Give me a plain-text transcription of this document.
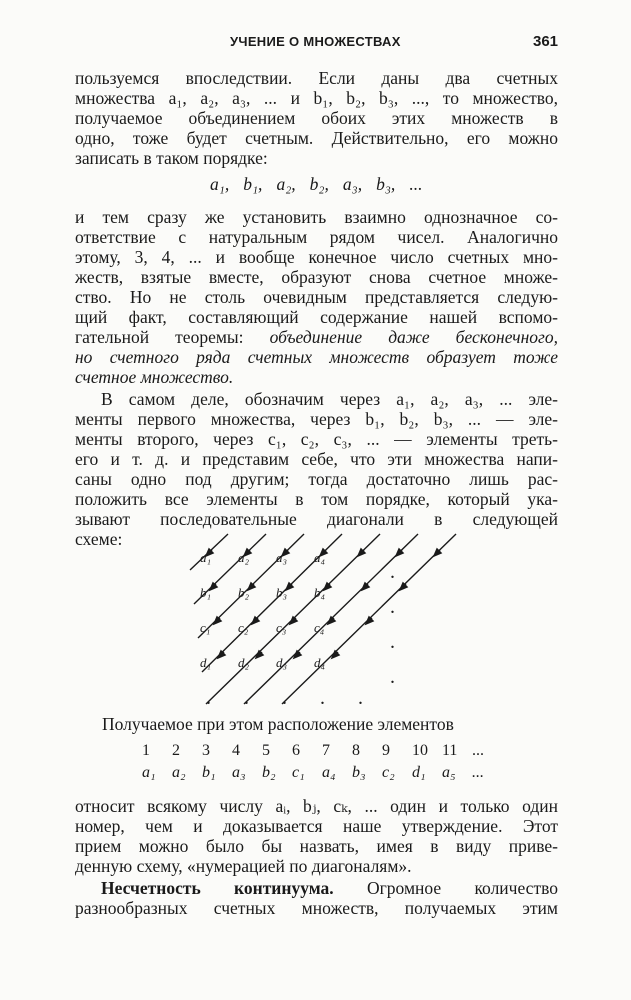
УЧЕНИЕ О МНОЖЕСТВАХ	361
пользуемся впоследствии. Если даны два счетных
множества a₁, a₂, a₃, ... и b₁, b₂, b₃, ..., то множество,
получаемое объединением обоих этих множеств в
одно, тоже будет счетным. Действительно, его можно
записать в таком порядке:
a₁, b₁, a₂, b₂, a₃, b₃, ...
и тем сразу же установить взаимно однозначное со-
ответствие с натуральным рядом чисел. Аналогично
этому, 3, 4, ... и вообще конечное число счетных мно-
жеств, взятые вместе, образуют снова счетное множе-
ство. Но не столь очевидным представляется следую-
щий факт, составляющий содержание нашей вспомо-
гательной теоремы: объединение даже бесконечного,
но счетного ряда счетных множеств образует тоже
счетное множество.
В самом деле, обозначим через a₁, a₂, a₃, ... эле-
менты первого множества, через b₁, b₂, b₃, ... — эле-
менты второго, через c₁, c₂, c₃, ... — элементы треть-
его и т. д. и представим себе, что эти множества напи-
саны одно под другим; тогда достаточно лишь рас-
положить все элементы в том порядке, который ука-
зывают последовательные диагонали в следующей
схеме:
a₁ a₂ a₃ a₄
b₁ b₂ b₃ b₄
c₁ c₂ c₃ c₄
d₁ d₂ d₃ d₄
.
.
.
.
. . . . .
Получаемое при этом расположение элементов
1 2 3 4 5 6 7 8 9 10 11 ...
a₁ a₂ b₁ a₃ b₂ c₁ a₄ b₃ c₂ d₁ a₅ ...
относит всякому числу aᵢ, bⱼ, cₖ, ... один и только один
номер, чем и доказывается наше утверждение. Этот
прием можно было бы назвать, имея в виду приве-
денную схему, «нумерацией по диагоналям».
Несчетность континуума. Огромное количество
разнообразных счетных множеств, получаемых этим
